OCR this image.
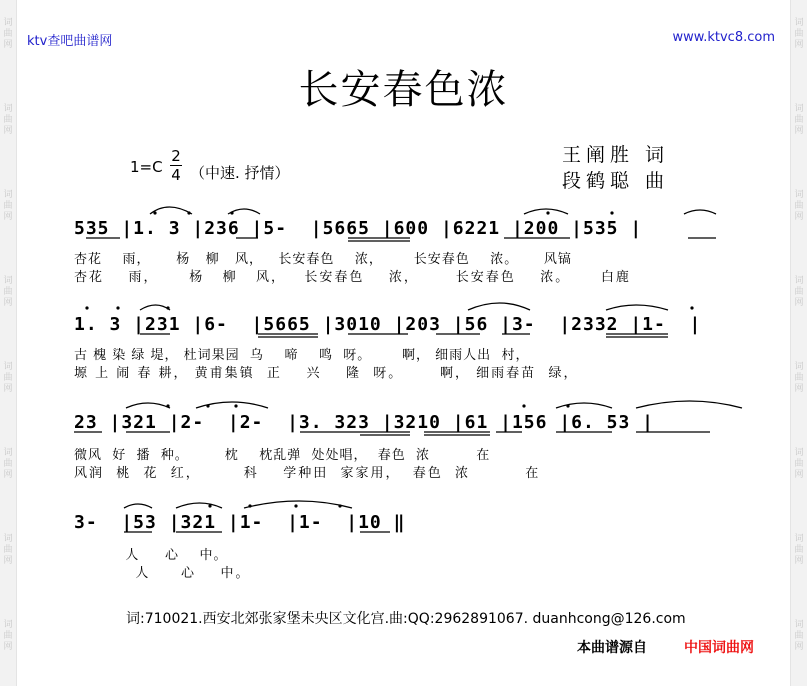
词
曲
网
词
曲
网
词
曲
网
词
曲
网
词
曲
网
词
曲
网
词
曲
网
词
曲
网
词
曲
网
词
曲
网
词
曲
网
词
曲
网
词
曲
网
词
曲
网
词
曲
网
词
曲
网
ktv查吧曲谱网	www.ktvc8.com
长安春色浓
1=C
2
4 （中速. 抒情）
王阐胜 词
段鹤聪 曲
535 |1. 3 |236 |5-  |5665 |600 |6221 |200 |535 |
杏花    雨，     杨   柳   风，   长安春色    浓，      长安春色    浓。     风镐
杏花    雨，     杨   柳   风，   长安春色    浓，      长安春色    浓。     白鹿
1. 3 |231 |6-  |5665 |3010 |203 |56 |3-  |2332 |1-  |
古 槐 染 绿 堤， 杜词果园  乌    啼    鸣  呀。      啊， 细雨人出  村，
塬 上 闹 春 耕， 黄甫集镇  正    兴    隆  呀。      啊， 细雨春苗  绿，
23 |321 |2-  |2-  |3. 323 |3210 |61 |156 |6. 53 |
微风  好  播  种。       枕    枕乱弹  处处唱，  春色  浓         在
风润  桃  花  红，       科    学种田  家家用，  春色  浓         在
3-  |53 |321 |1-  |1-  |10 ‖
人     心    中。
人     心    中。
词:710021.西安北郊张家堡未央区文化宫.曲:QQ:2962891067. duanhcong@126.com
本曲谱源自	中国词曲网
